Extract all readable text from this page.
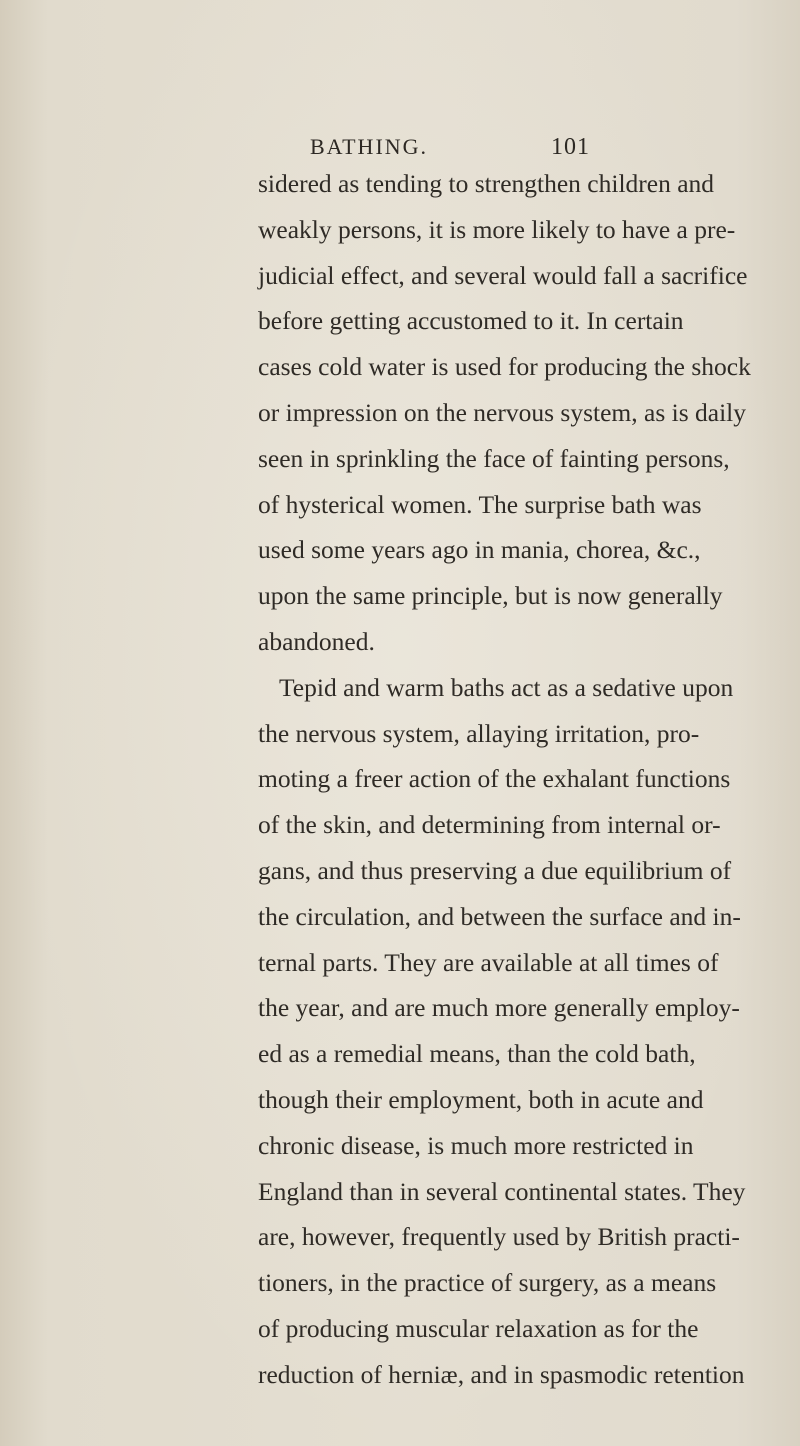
BATHING.	101
sidered as tending to strengthen children and
weakly persons, it is more likely to have a pre-
judicial effect, and several would fall a sacrifice
before getting accustomed to it. In certain
cases cold water is used for producing the shock
or impression on the nervous system, as is daily
seen in sprinkling the face of fainting persons,
of hysterical women. The surprise bath was
used some years ago in mania, chorea, &c.,
upon the same principle, but is now generally
abandoned.
Tepid and warm baths act as a sedative upon
the nervous system, allaying irritation, pro-
moting a freer action of the exhalant functions
of the skin, and determining from internal or-
gans, and thus preserving a due equilibrium of
the circulation, and between the surface and in-
ternal parts. They are available at all times of
the year, and are much more generally employ-
ed as a remedial means, than the cold bath,
though their employment, both in acute and
chronic disease, is much more restricted in
England than in several continental states. They
are, however, frequently used by British practi-
tioners, in the practice of surgery, as a means
of producing muscular relaxation as for the
reduction of herniæ, and in spasmodic retention
